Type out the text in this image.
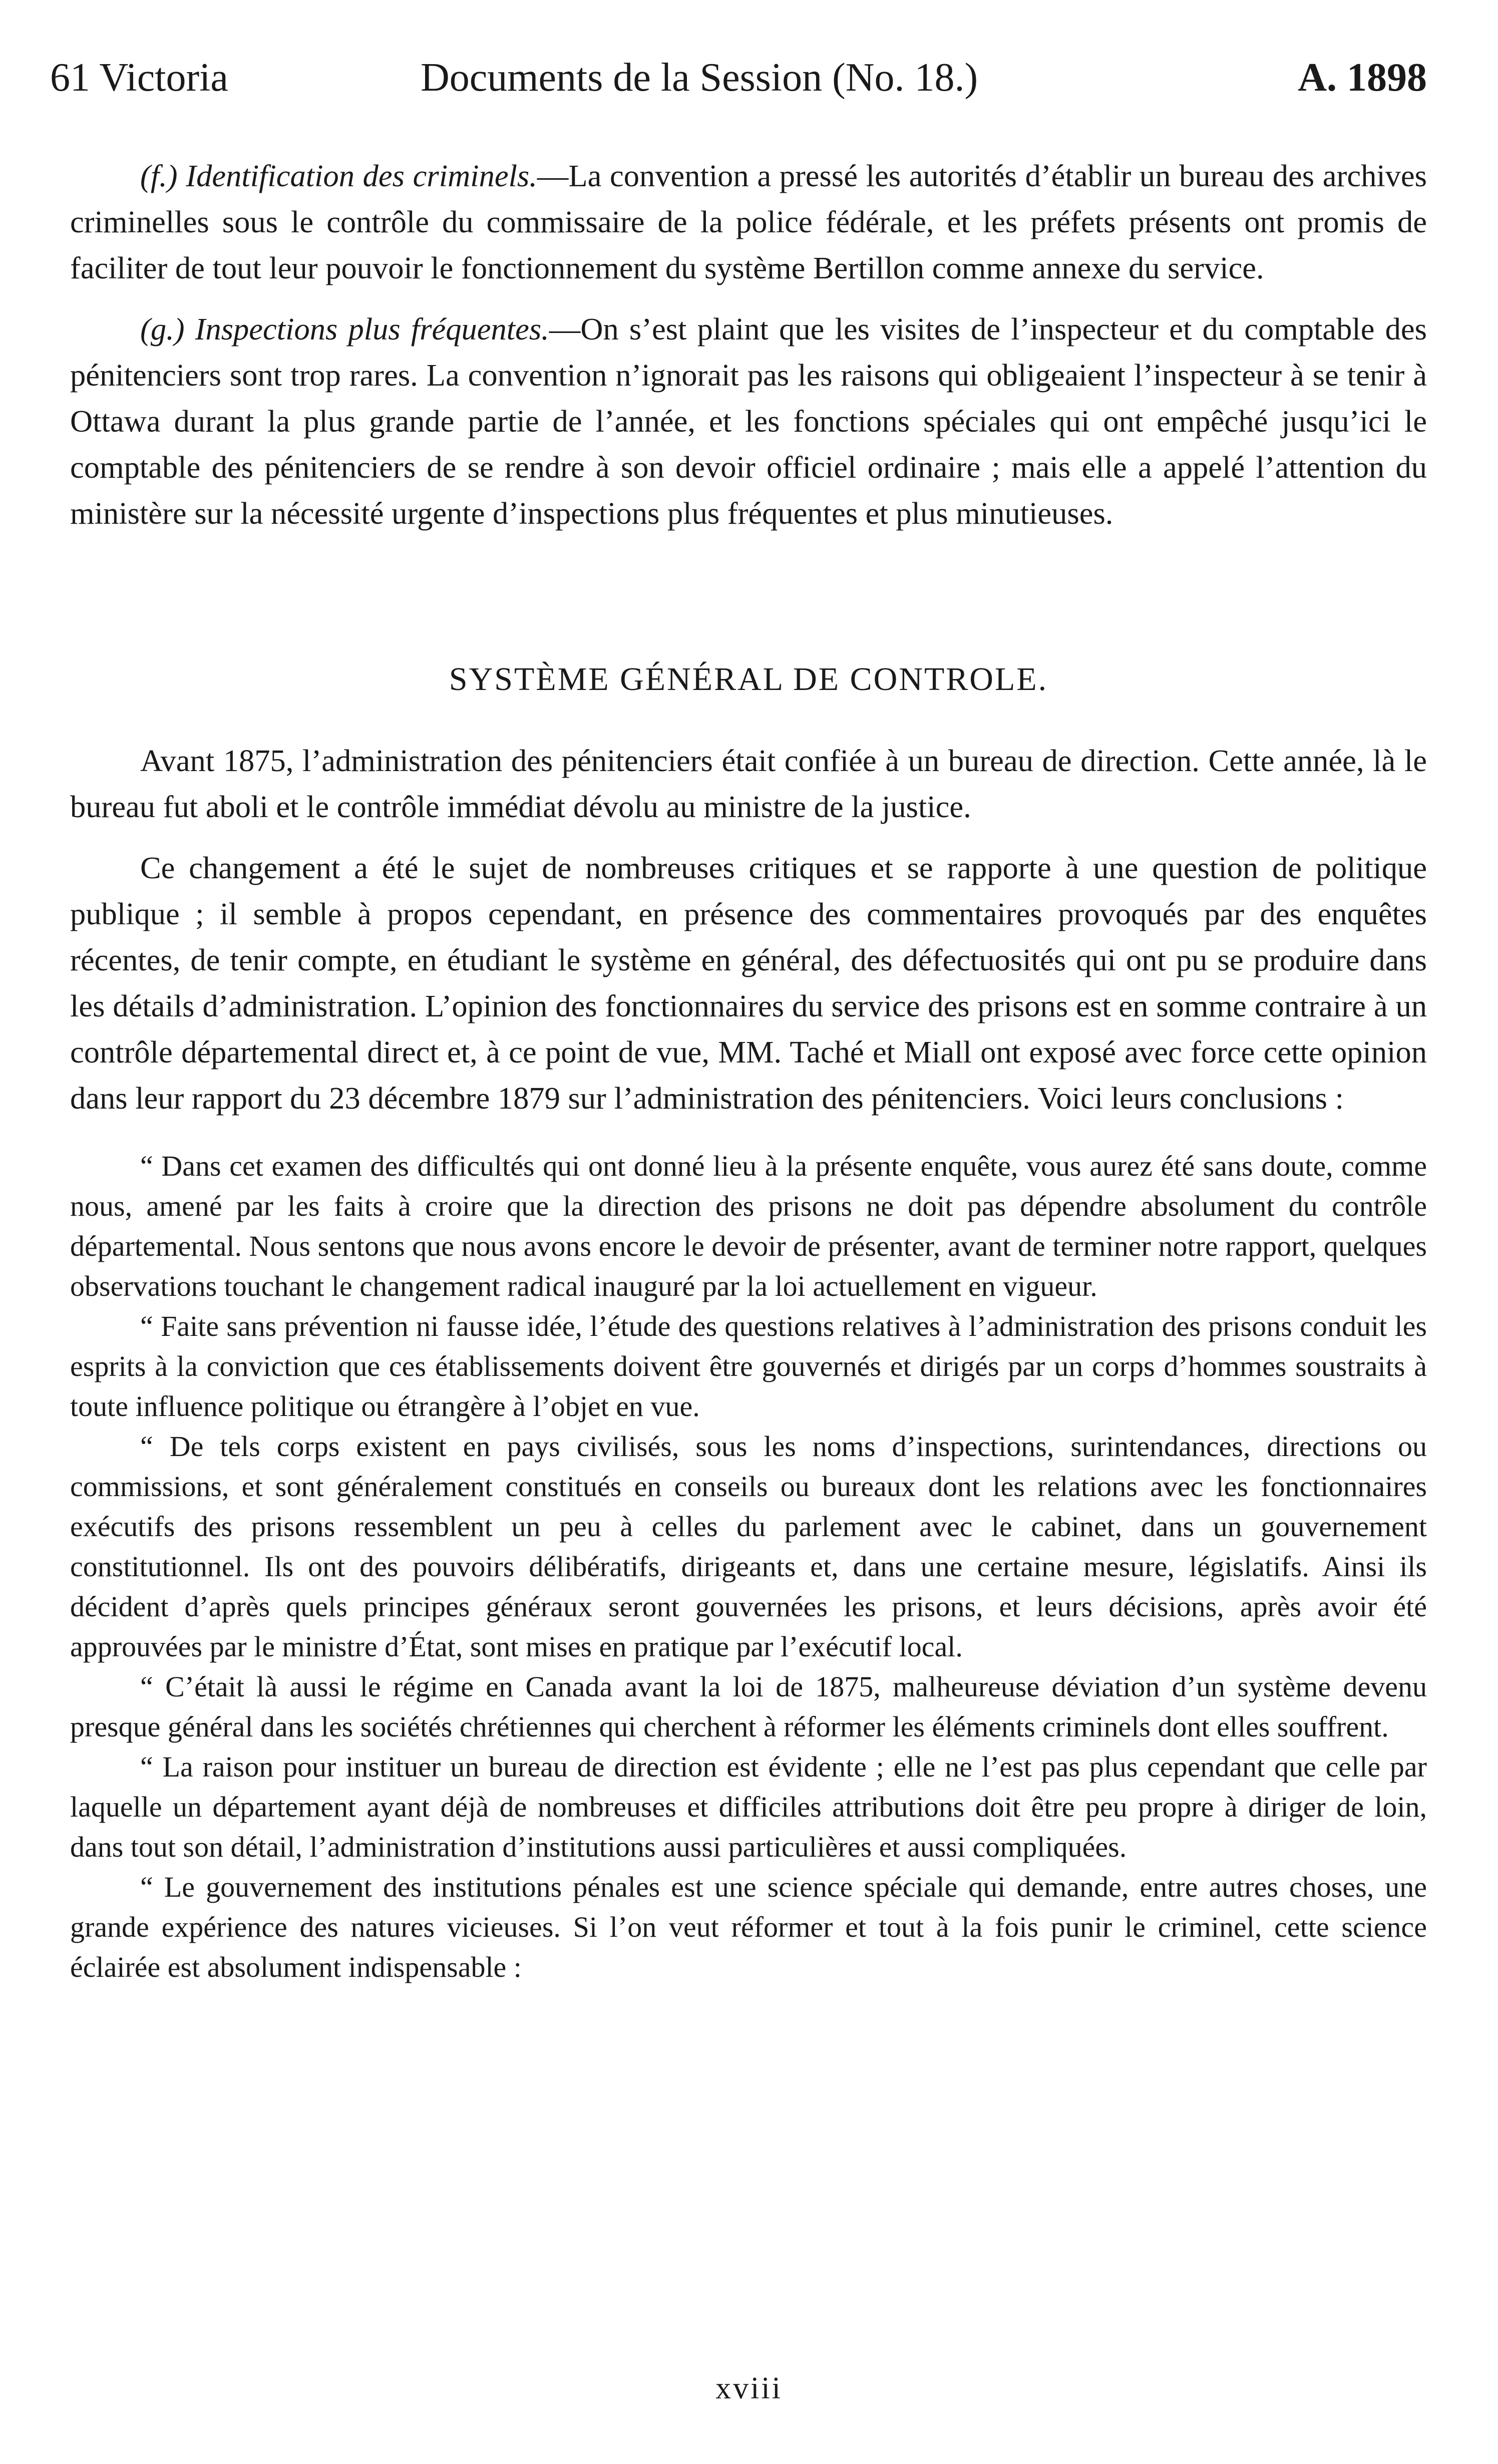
61 Victoria	Documents de la Session (No. 18.)	A. 1898

(f.) Identification des criminels.—La convention a pressé les autorités d’établir un bureau des archives criminelles sous le contrôle du commissaire de la police fédérale, et les préfets présents ont promis de faciliter de tout leur pouvoir le fonctionnement du système Bertillon comme annexe du service.

(g.) Inspections plus fréquentes.—On s’est plaint que les visites de l’inspecteur et du comptable des pénitenciers sont trop rares. La convention n’ignorait pas les raisons qui obligeaient l’inspecteur à se tenir à Ottawa durant la plus grande partie de l’année, et les fonctions spéciales qui ont empêché jusqu’ici le comptable des pénitenciers de se rendre à son devoir officiel ordinaire ; mais elle a appelé l’attention du ministère sur la nécessité urgente d’inspections plus fréquentes et plus minutieuses.

SYSTÈME GÉNÉRAL DE CONTROLE.

Avant 1875, l’administration des pénitenciers était confiée à un bureau de direction. Cette année, là le bureau fut aboli et le contrôle immédiat dévolu au ministre de la justice.

Ce changement a été le sujet de nombreuses critiques et se rapporte à une question de politique publique ; il semble à propos cependant, en présence des commentaires provoqués par des enquêtes récentes, de tenir compte, en étudiant le système en général, des défectuosités qui ont pu se produire dans les détails d’administration. L’opinion des fonctionnaires du service des prisons est en somme contraire à un contrôle départemental direct et, à ce point de vue, MM. Taché et Miall ont exposé avec force cette opinion dans leur rapport du 23 décembre 1879 sur l’administration des pénitenciers. Voici leurs conclusions :

“ Dans cet examen des difficultés qui ont donné lieu à la présente enquête, vous aurez été sans doute, comme nous, amené par les faits à croire que la direction des prisons ne doit pas dépendre absolument du contrôle départemental. Nous sentons que nous avons encore le devoir de présenter, avant de terminer notre rapport, quelques observations touchant le changement radical inauguré par la loi actuellement en vigueur.

“ Faite sans prévention ni fausse idée, l’étude des questions relatives à l’administration des prisons conduit les esprits à la conviction que ces établissements doivent être gouvernés et dirigés par un corps d’hommes soustraits à toute influence politique ou étrangère à l’objet en vue.

“ De tels corps existent en pays civilisés, sous les noms d’inspections, surintendances, directions ou commissions, et sont généralement constitués en conseils ou bureaux dont les relations avec les fonctionnaires exécutifs des prisons ressemblent un peu à celles du parlement avec le cabinet, dans un gouvernement constitutionnel. Ils ont des pouvoirs délibératifs, dirigeants et, dans une certaine mesure, législatifs. Ainsi ils décident d’après quels principes généraux seront gouvernées les prisons, et leurs décisions, après avoir été approuvées par le ministre d’État, sont mises en pratique par l’exécutif local.

“ C’était là aussi le régime en Canada avant la loi de 1875, malheureuse déviation d’un système devenu presque général dans les sociétés chrétiennes qui cherchent à réformer les éléments criminels dont elles souffrent.

“ La raison pour instituer un bureau de direction est évidente ; elle ne l’est pas plus cependant que celle par laquelle un département ayant déjà de nombreuses et difficiles attributions doit être peu propre à diriger de loin, dans tout son détail, l’administration d’institutions aussi particulières et aussi compliquées.

“ Le gouvernement des institutions pénales est une science spéciale qui demande, entre autres choses, une grande expérience des natures vicieuses. Si l’on veut réformer et tout à la fois punir le criminel, cette science éclairée est absolument indispensable :

xviii
